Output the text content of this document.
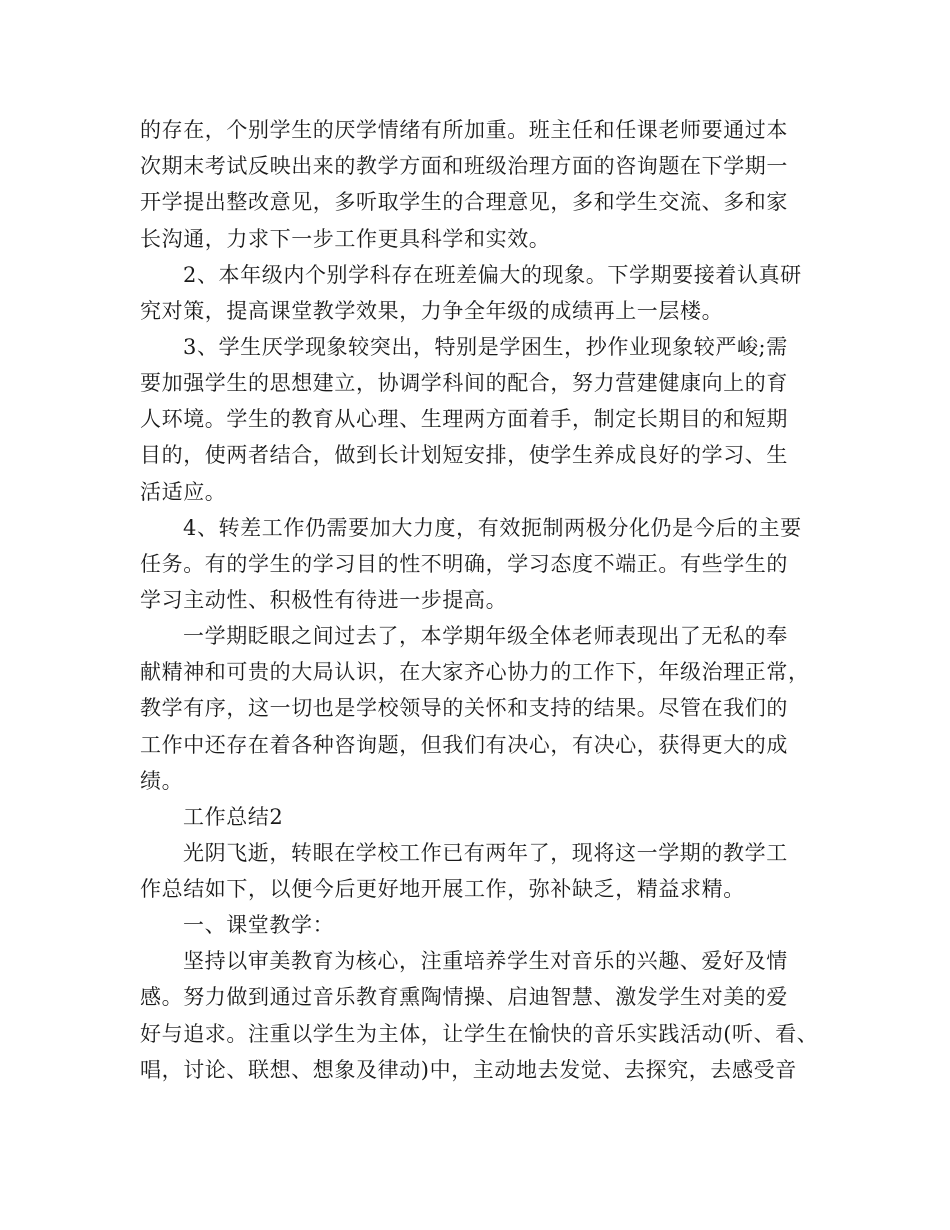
的存在，个别学生的厌学情绪有所加重。班主任和任课老师要通过本
次期末考试反映出来的教学方面和班级治理方面的咨询题在下学期一
开学提出整改意见，多听取学生的合理意见，多和学生交流、多和家
长沟通，力求下一步工作更具科学和实效。
2、本年级内个别学科存在班差偏大的现象。下学期要接着认真研
究对策，提高课堂教学效果，力争全年级的成绩再上一层楼。
3、学生厌学现象较突出，特别是学困生，抄作业现象较严峻;需
要加强学生的思想建立，协调学科间的配合，努力营建健康向上的育
人环境。学生的教育从心理、生理两方面着手，制定长期目的和短期
目的，使两者结合，做到长计划短安排，使学生养成良好的学习、生
活适应。
4、转差工作仍需要加大力度，有效扼制两极分化仍是今后的主要
任务。有的学生的学习目的性不明确，学习态度不端正。有些学生的
学习主动性、积极性有待进一步提高。
一学期眨眼之间过去了，本学期年级全体老师表现出了无私的奉
献精神和可贵的大局认识，在大家齐心协力的工作下，年级治理正常，
教学有序，这一切也是学校领导的关怀和支持的结果。尽管在我们的
工作中还存在着各种咨询题，但我们有决心，有决心，获得更大的成
绩。
工作总结2
光阴飞逝，转眼在学校工作已有两年了，现将这一学期的教学工
作总结如下，以便今后更好地开展工作，弥补缺乏，精益求精。
一、课堂教学：
坚持以审美教育为核心，注重培养学生对音乐的兴趣、爱好及情
感。努力做到通过音乐教育熏陶情操、启迪智慧、激发学生对美的爱
好与追求。注重以学生为主体，让学生在愉快的音乐实践活动(听、看、
唱，讨论、联想、想象及律动)中，主动地去发觉、去探究，去感受音
